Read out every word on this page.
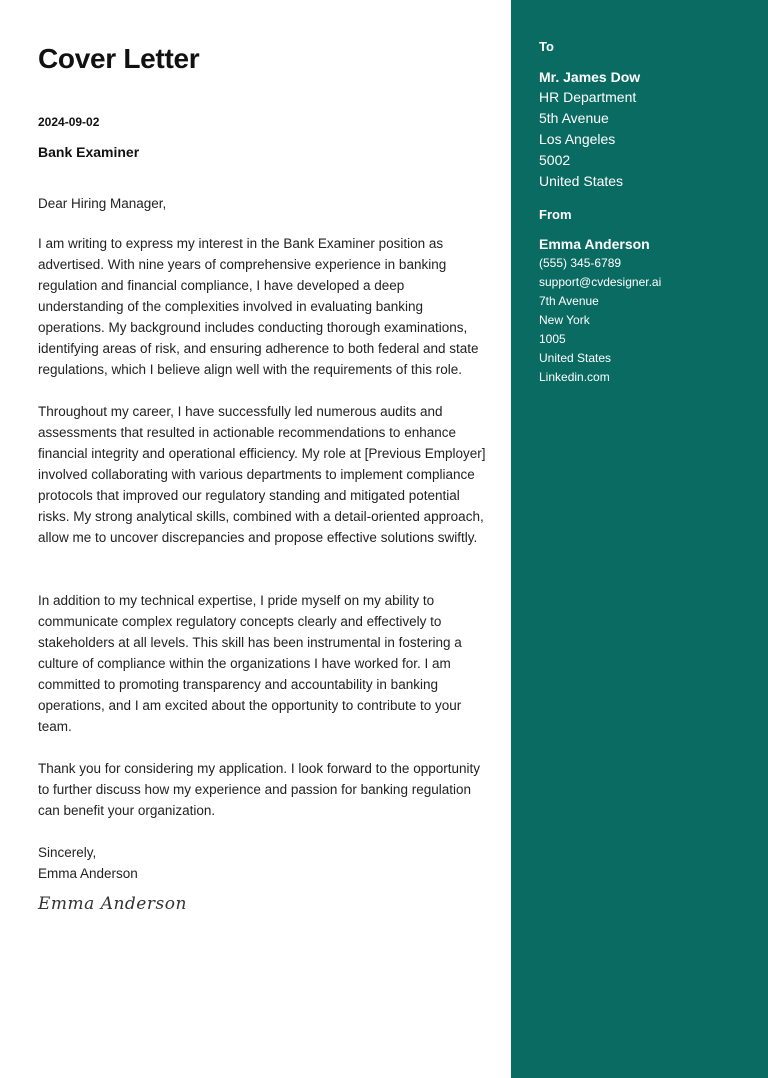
Cover Letter
2024-09-02
Bank Examiner
Dear Hiring Manager,

I am writing to express my interest in the Bank Examiner position as advertised. With nine years of comprehensive experience in banking regulation and financial compliance, I have developed a deep understanding of the complexities involved in evaluating banking operations. My background includes conducting thorough examinations, identifying areas of risk, and ensuring adherence to both federal and state regulations, which I believe align well with the requirements of this role.

Throughout my career, I have successfully led numerous audits and assessments that resulted in actionable recommendations to enhance financial integrity and operational efficiency. My role at [Previous Employer] involved collaborating with various departments to implement compliance protocols that improved our regulatory standing and mitigated potential risks. My strong analytical skills, combined with a detail-oriented approach, allow me to uncover discrepancies and propose effective solutions swiftly.

In addition to my technical expertise, I pride myself on my ability to communicate complex regulatory concepts clearly and effectively to stakeholders at all levels. This skill has been instrumental in fostering a culture of compliance within the organizations I have worked for. I am committed to promoting transparency and accountability in banking operations, and I am excited about the opportunity to contribute to your team.

Thank you for considering my application. I look forward to the opportunity to further discuss how my experience and passion for banking regulation can benefit your organization.

Sincerely,
Emma Anderson
Emma Anderson
To
Mr. James Dow
HR Department
5th Avenue
Los Angeles
5002
United States
From
Emma Anderson
(555) 345-6789
support@cvdesigner.ai
7th Avenue
New York
1005
United States
Linkedin.com
